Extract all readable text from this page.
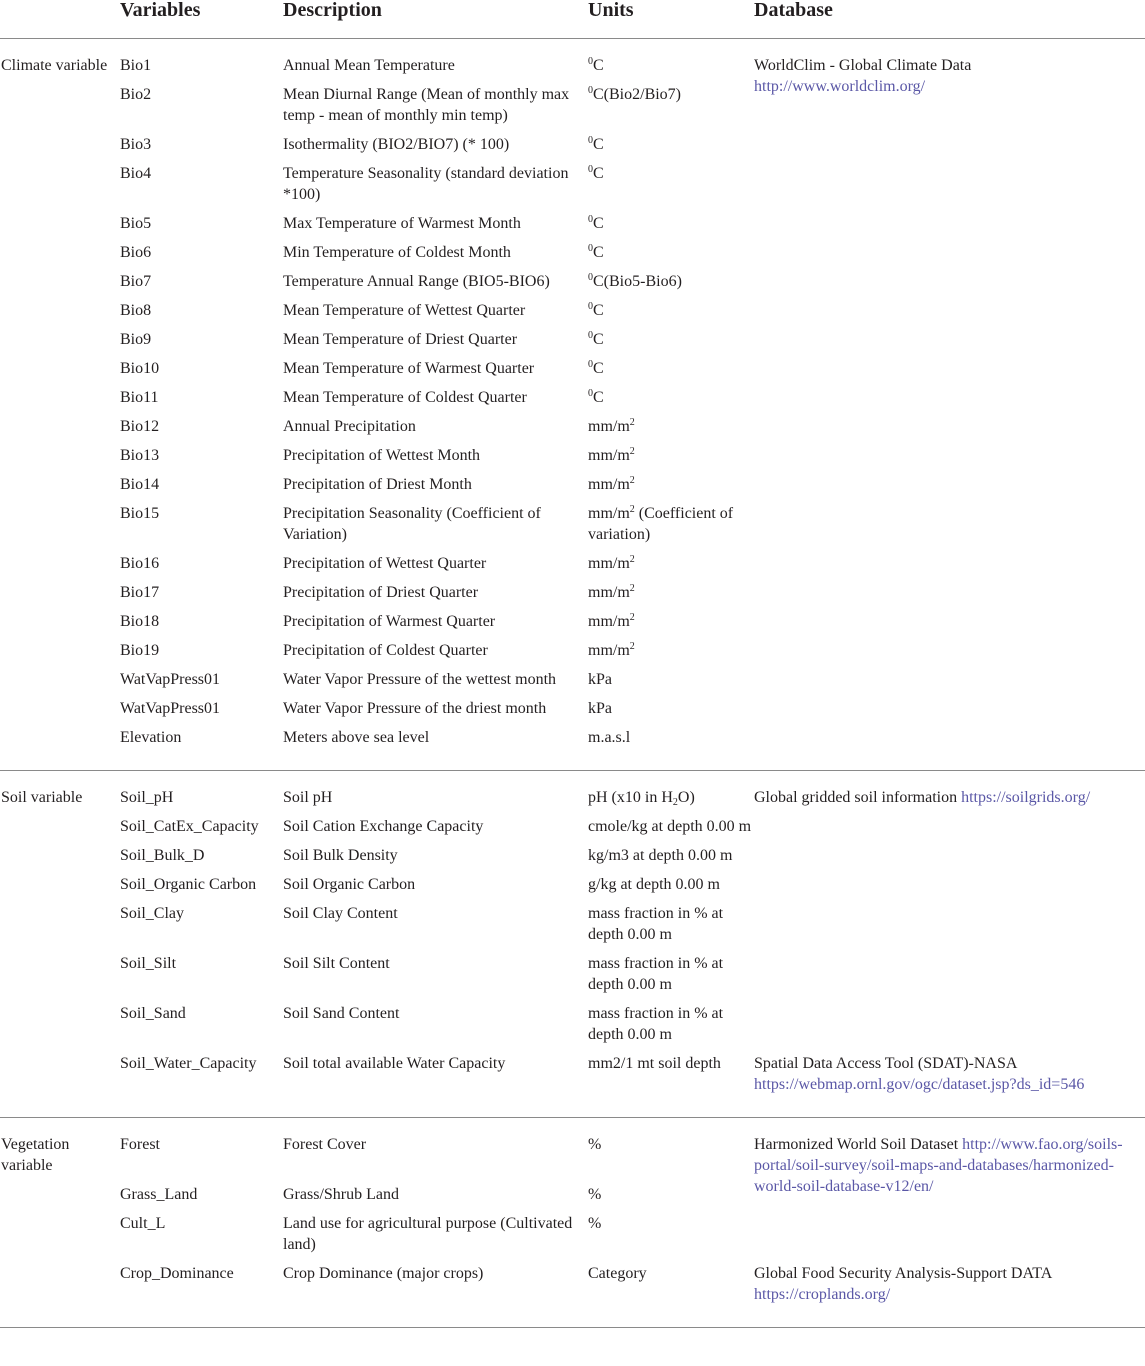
	Variables	Description	Units	Database

Climate variable	Bio1	Annual Mean Temperature	$^0$C	WorldClim - Global Climate Data http://www.worldclim.org/
	Bio2	Mean Diurnal Range (Mean of monthly max temp - mean of monthly min temp)	$^0$C(Bio2/Bio7)	
	Bio3	Isothermality (BIO2/BIO7) (* 100)	$^0$C	
	Bio4	Temperature Seasonality (standard deviation *100)	$^0$C	
	Bio5	Max Temperature of Warmest Month	$^0$C	
	Bio6	Min Temperature of Coldest Month	$^0$C	
	Bio7	Temperature Annual Range (BIO5-BIO6)	$^0$C(Bio5-Bio6)	
	Bio8	Mean Temperature of Wettest Quarter	$^0$C	
	Bio9	Mean Temperature of Driest Quarter	$^0$C	
	Bio10	Mean Temperature of Warmest Quarter	$^0$C	
	Bio11	Mean Temperature of Coldest Quarter	$^0$C	
	Bio12	Annual Precipitation	$mm/m^2$
	Bio13	Precipitation of Wettest Month	$mm/m^2$
	Bio14	Precipitation of Driest Month	$mm/m^2$
	Bio15	Precipitation Seasonality (Coefficient of Variation)	$mm/m^2$ (Coefficient of variation)	
	Bio16	Precipitation of Wettest Quarter	$mm/m^2$
	Bio17	Precipitation of Driest Quarter	$mm/m^2$
	Bio18	Precipitation of Warmest Quarter	$mm/m^2$
	Bio19	Precipitation of Coldest Quarter	$mm/m^2$
	WatVapPress01	Water Vapor Pressure of the wettest month	kPa	
	WatVapPress01	Water Vapor Pressure of the driest month	kPa	
	Elevation	Meters above sea level	m.a.s.l	

Soil variable	Soil_pH	Soil pH	pH (x10 in $H_2O$)	Global gridded soil information https://soilgrids.org/
	Soil_CatEx_Capacity	Soil Cation Exchange Capacity	cmole/kg at depth 0.00 m	
	Soil_Bulk_D	Soil Bulk Density	kg/m3 at depth 0.00 m	
	Soil_Organic Carbon	Soil Organic Carbon	g/kg at depth 0.00 m	
	Soil_Clay	Soil Clay Content	mass fraction in % at depth 0.00 m	
	Soil_Silt	Soil Silt Content	mass fraction in % at depth 0.00 m	
	Soil_Sand	Soil Sand Content	mass fraction in % at depth 0.00 m	
	Soil_Water_Capacity	Soil total available Water Capacity	mm2/1 mt soil depth	Spatial Data Access Tool (SDAT)-NASA https://webmap.ornl.gov/ogc/dataset.jsp?ds_id=546

Vegetation variable	Forest	Forest Cover	%	Harmonized World Soil Dataset http://www.fao.org/soils-portal/soil-survey/soil-maps-and-databases/harmonized-world-soil-database-v12/en/
	Grass_Land	Grass/Shrub Land	%	
	Cult_L	Land use for agricultural purpose (Cultivated land)	%	
	Crop_Dominance	Crop Dominance (major crops)	Category	Global Food Security Analysis-Support DATA https://croplands.org/
